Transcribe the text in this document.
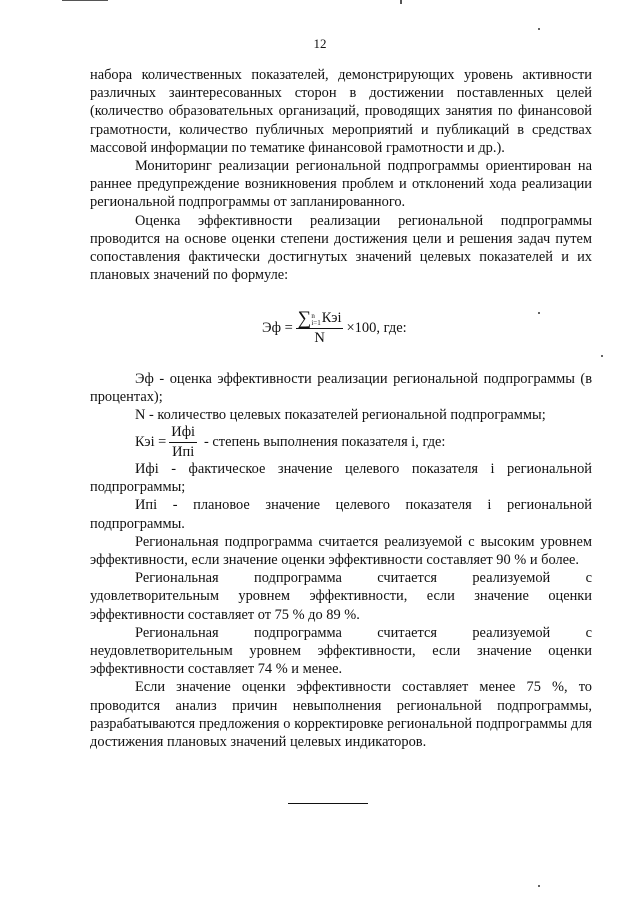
12

набора количественных показателей, демонстрирующих уровень активности различных заинтересованных сторон в достижении поставленных целей (количество образовательных организаций, проводящих занятия по финансовой грамотности, количество публичных мероприятий и публикаций в средствах массовой информации по тематике финансовой грамотности и др.).

Мониторинг реализации региональной подпрограммы ориентирован на раннее предупреждение возникновения проблем и отклонений хода реализации региональной подпрограммы от запланированного.

Оценка эффективности реализации региональной подпрограммы проводится на основе оценки степени достижения цели и решения задач путем сопоставления фактически достигнутых значений целевых показателей и их плановых значений по формуле:

Эф = ∑ n
i=1 Кэi
N ×100, где:

Эф - оценка эффективности реализации региональной подпрограммы (в процентах);

N - количество целевых показателей региональной подпрограммы;

Кэi = $\frac{\text{Ифi}}{\text{Ипi}}$ - степень выполнения показателя i, где:

Ифi - фактическое значение целевого показателя i региональной подпрограммы;

Ипi - плановое значение целевого показателя i региональной подпрограммы.

Региональная подпрограмма считается реализуемой с высоким уровнем эффективности, если значение оценки эффективности составляет 90 % и более.

Региональная подпрограмма считается реализуемой с удовлетворительным уровнем эффективности, если значение оценки эффективности составляет от 75 % до 89 %.

Региональная подпрограмма считается реализуемой с неудовлетворительным уровнем эффективности, если значение оценки эффективности составляет 74 % и менее.

Если значение оценки эффективности составляет менее 75 %, то проводится анализ причин невыполнения региональной подпрограммы, разрабатываются предложения о корректировке региональной подпрограммы для достижения плановых значений целевых индикаторов.
